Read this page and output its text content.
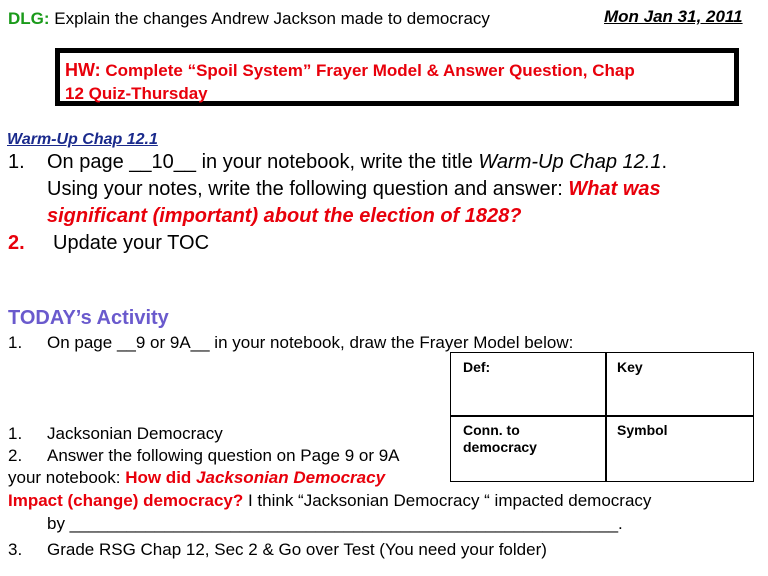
DLG: Explain the changes Andrew Jackson made to democracy	Mon Jan 31, 2011
HW: Complete “Spoil System” Frayer Model & Answer Question, Chap
12 Quiz-Thursday
Warm-Up Chap 12.1
1. On page __10__ in your notebook, write the title Warm-Up Chap 12.1.
Using your notes, write the following question and answer: What was
significant (important) about the election of 1828?
2. Update your TOC
TODAY’s Activity
1. On page __9 or 9A__ in your notebook, draw the Frayer Model below:
Def:	Key
Conn. to
democracy
Symbol
1. Jacksonian Democracy
2. Answer the following question on Page 9 or 9A
your notebook: How did Jacksonian Democracy
Impact (change) democracy? I think “Jacksonian Democracy “ impacted democracy
by __________________________________________________________.
3. Grade RSG Chap 12, Sec 2 & Go over Test (You need your folder)
